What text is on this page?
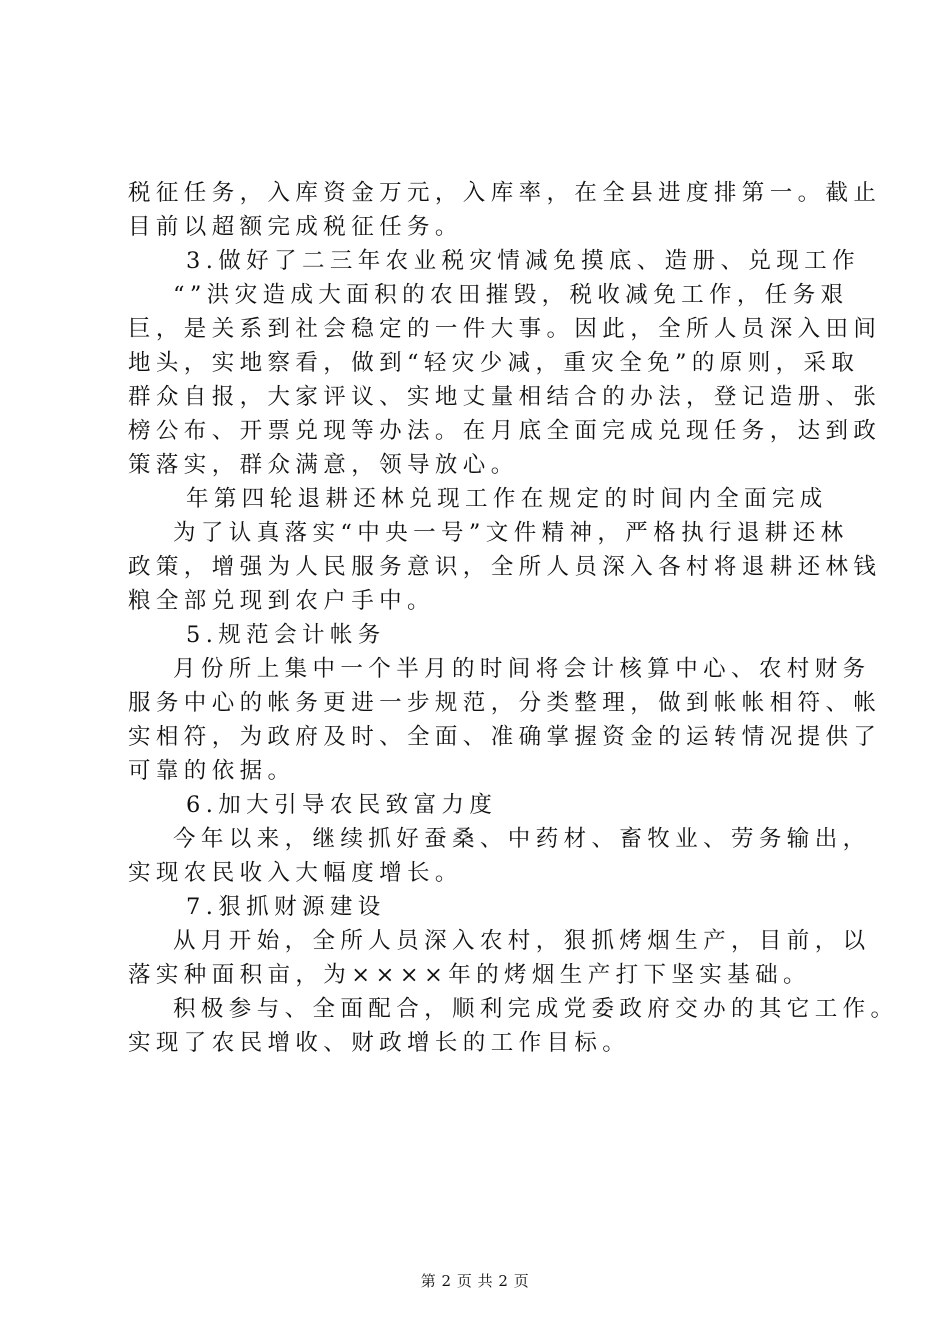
税征任务，入库资金万元，入库率，在全县进度排第一。截止
目前以超额完成税征任务。
3.做好了二三年农业税灾情减免摸底、造册、兑现工作
“”洪灾造成大面积的农田摧毁，税收减免工作，任务艰
巨，是关系到社会稳定的一件大事。因此，全所人员深入田间
地头，实地察看，做到“轻灾少减，重灾全免”的原则，采取
群众自报，大家评议、实地丈量相结合的办法，登记造册、张
榜公布、开票兑现等办法。在月底全面完成兑现任务，达到政
策落实，群众满意，领导放心。
年第四轮退耕还林兑现工作在规定的时间内全面完成
为了认真落实“中央一号”文件精神，严格执行退耕还林
政策，增强为人民服务意识，全所人员深入各村将退耕还林钱
粮全部兑现到农户手中。
5.规范会计帐务
月份所上集中一个半月的时间将会计核算中心、农村财务
服务中心的帐务更进一步规范，分类整理，做到帐帐相符、帐
实相符，为政府及时、全面、准确掌握资金的运转情况提供了
可靠的依据。
6.加大引导农民致富力度
今年以来，继续抓好蚕桑、中药材、畜牧业、劳务输出，
实现农民收入大幅度增长。
7.狠抓财源建设
从月开始，全所人员深入农村，狠抓烤烟生产，目前，以
落实种面积亩，为××××年的烤烟生产打下坚实基础。
积极参与、全面配合，顺利完成党委政府交办的其它工作。
实现了农民增收、财政增长的工作目标。
第 2 页 共 2 页
